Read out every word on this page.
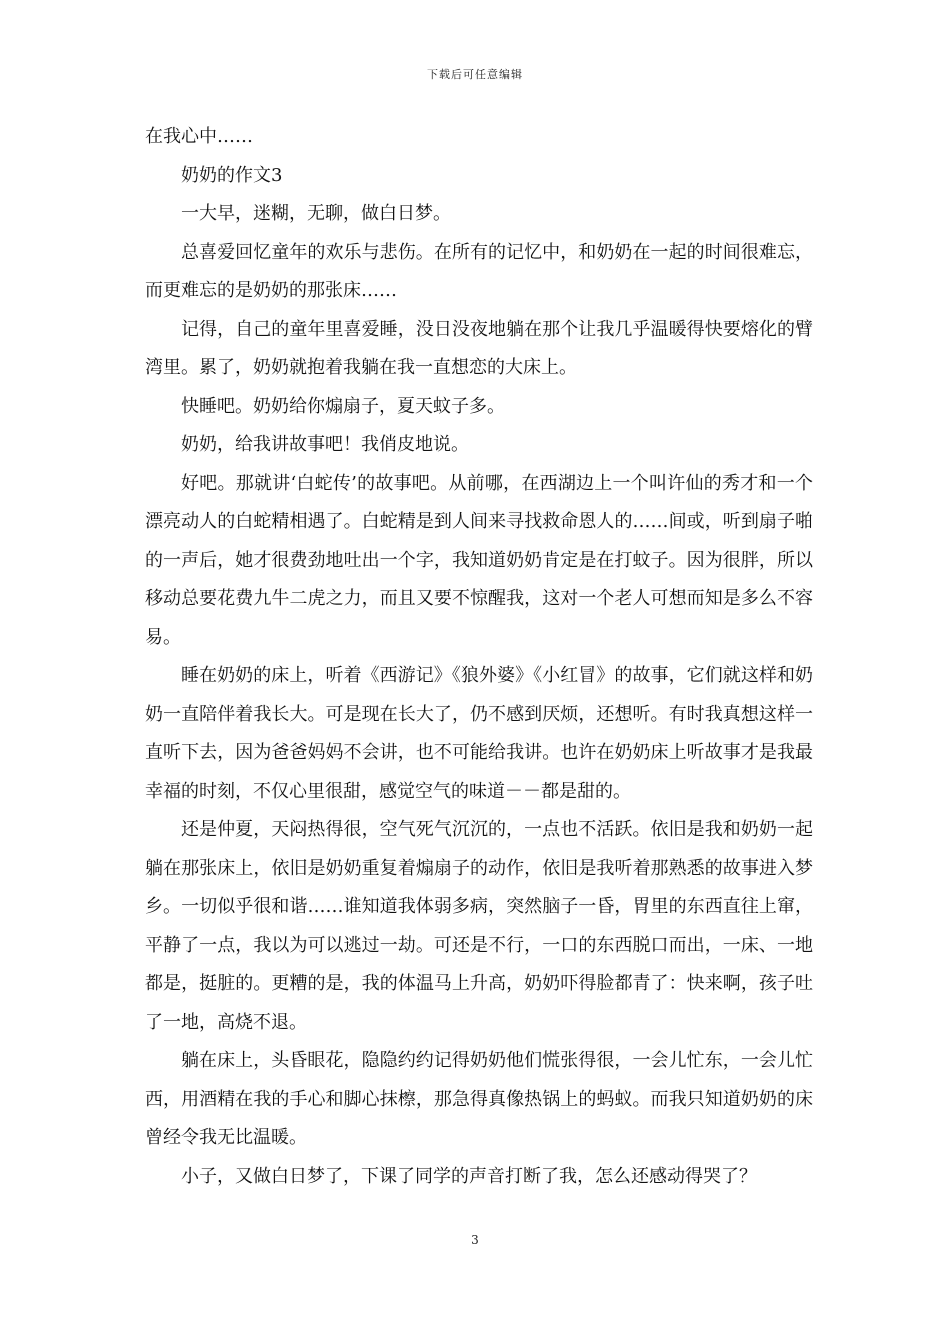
下载后可任意编辑

在我心中……

奶奶的作文3

一大早，迷糊，无聊，做白日梦。

总喜爱回忆童年的欢乐与悲伤。在所有的记忆中，和奶奶在一起的时间很难忘，而更难忘的是奶奶的那张床……

记得，自己的童年里喜爱睡，没日没夜地躺在那个让我几乎温暖得快要熔化的臂湾里。累了，奶奶就抱着我躺在我一直想恋的大床上。

快睡吧。奶奶给你煽扇子，夏天蚊子多。

奶奶，给我讲故事吧！我俏皮地说。

好吧。那就讲‘白蛇传’的故事吧。从前哪，在西湖边上一个叫许仙的秀才和一个漂亮动人的白蛇精相遇了。白蛇精是到人间来寻找救命恩人的……间或，听到扇子啪的一声后，她才很费劲地吐出一个字，我知道奶奶肯定是在打蚊子。因为很胖，所以移动总要花费九牛二虎之力，而且又要不惊醒我，这对一个老人可想而知是多么不容易。

睡在奶奶的床上，听着《西游记》《狼外婆》《小红冒》的故事，它们就这样和奶奶一直陪伴着我长大。可是现在长大了，仍不感到厌烦，还想听。有时我真想这样一直听下去，因为爸爸妈妈不会讲，也不可能给我讲。也许在奶奶床上听故事才是我最幸福的时刻，不仅心里很甜，感觉空气的味道－－都是甜的。

还是仲夏，天闷热得很，空气死气沉沉的，一点也不活跃。依旧是我和奶奶一起躺在那张床上，依旧是奶奶重复着煽扇子的动作，依旧是我听着那熟悉的故事进入梦乡。一切似乎很和谐……谁知道我体弱多病，突然脑子一昏，胃里的东西直往上窜，平静了一点，我以为可以逃过一劫。可还是不行，一口的东西脱口而出，一床、一地都是，挺脏的。更糟的是，我的体温马上升高，奶奶吓得脸都青了：快来啊，孩子吐了一地，高烧不退。

躺在床上，头昏眼花，隐隐约约记得奶奶他们慌张得很，一会儿忙东，一会儿忙西，用酒精在我的手心和脚心抹檫，那急得真像热锅上的蚂蚁。而我只知道奶奶的床曾经令我无比温暖。

小子，又做白日梦了，下课了同学的声音打断了我，怎么还感动得哭了？

3
